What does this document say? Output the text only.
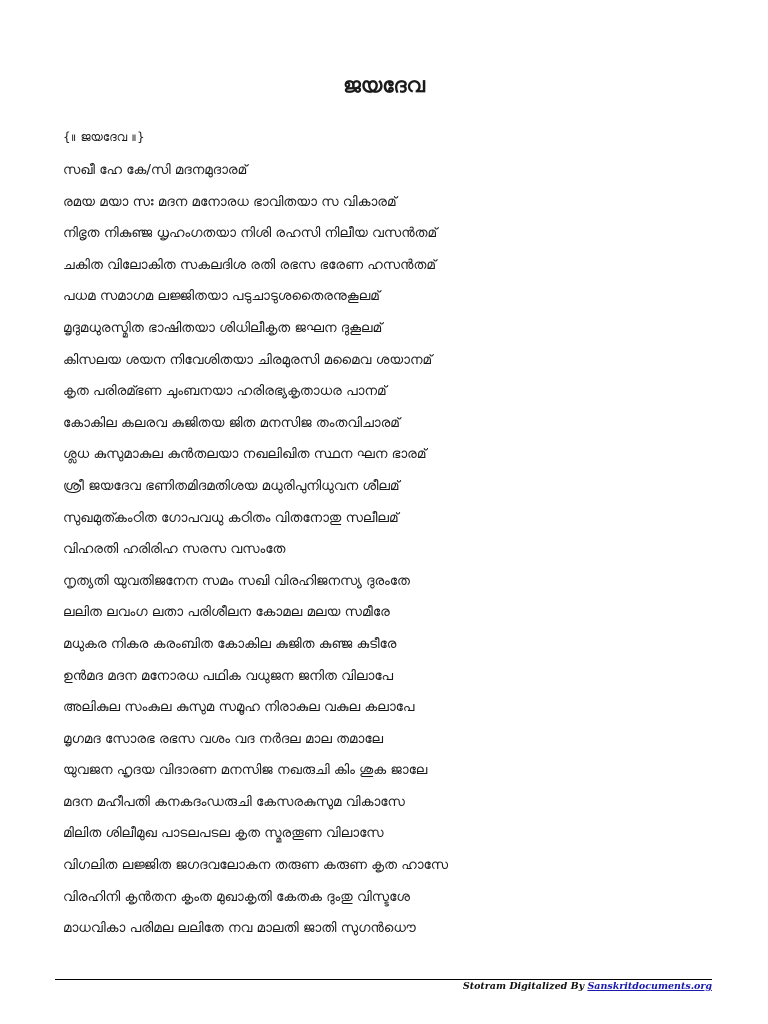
ജയദേവ
{॥ ജയദേവ ॥}
സഖീ ഹേ കേ/സി മദനമുദാരമ്
രമയ മയാ സഃ മദന മനോരധ ഭാവിതയാ സ വികാരമ്
നിഭൃത നികുഞ്ജ ധൃഹംഗതയാ നിശി രഹസി നിലീയ വസൻതമ്
ചകിത വിലോകിത സകലദിശ രതി രഭസ ഭരേണ ഹസൻതമ്
പധമ സമാഗമ ലജ്ജിതയാ പടുചാടുശതൈരനുകൂലമ്
മൃദുമധുരസ്മിത ഭാഷിതയാ ശിധിലീകൃത ജഘന ദുകൂലമ്
കിസലയ ശയന നിവേശിതയാ ചിരമുരസി മമൈവ ശയാനമ്
കൃത പരിരമ്ഭണ ചുംബനയാ ഹരിരഭ്യകൃതാധര പാനമ്
കോകില കലരവ കുജിതയ ജിത മനസിജ തംതവിചാരമ്
ശ്ലധ കുസുമാകുല കുൻതലയാ നഖലിഖിത സ്ഥന ഘന ഭാരമ്
ശ്രീ ജയദേവ ഭണിതമിദമതിശയ മധുരിപുനിധുവന ശീലമ്
സുഖമുത്കംഠിത ഗോപവധു കഠിതം വിതനോതു സലീലമ്
വിഹരതി ഹരിരിഹ സരസ വസംതേ
നൃത്യതി യുവതിജനേന സമം സഖി വിരഹിജനസ്യ ദുരംതേ
ലലിത ലവംഗ ലതാ പരിശീലന കോമല മലയ സമീരേ
മധുകര നികര കരംബിത കോകില കുജിത കുഞ്ജ കുടീരേ
ഉൻമദ മദന മനോരധ പഥിക വധുജന ജനിത വിലാപേ
അലികുല സംകുല കുസുമ സമൂഹ നിരാകുല വകുല കലാപേ
മൃഗമദ സോരഭ രഭസ വശം വദ നർദല മാല തമാലേ
യുവജന ഹൃദയ വിദാരണ മനസിജ നഖരുചി കിം ശുക ജാലേ
മദന മഹീപതി കനകദംഡരുചി കേസരകുസുമ വികാസേ
മിലിത ശിലീമുഖ പാടലപടല കൃത സ്മരതൂണ വിലാസേ
വിഗലിത ലജ്ജിത ജഗദവലോകന തരുണ കരുണ കൃത ഹാസേ
വിരഹിനി കൃൻതന കൃംത മുഖാകൃതി കേതക ദുംതു വിസ്ടശേ
മാധവികാ പരിമല ലലിതേ നവ മാലതി ജാതി സുഗൻധൌ
Stotram Digitalized By Sanskritdocuments.org
